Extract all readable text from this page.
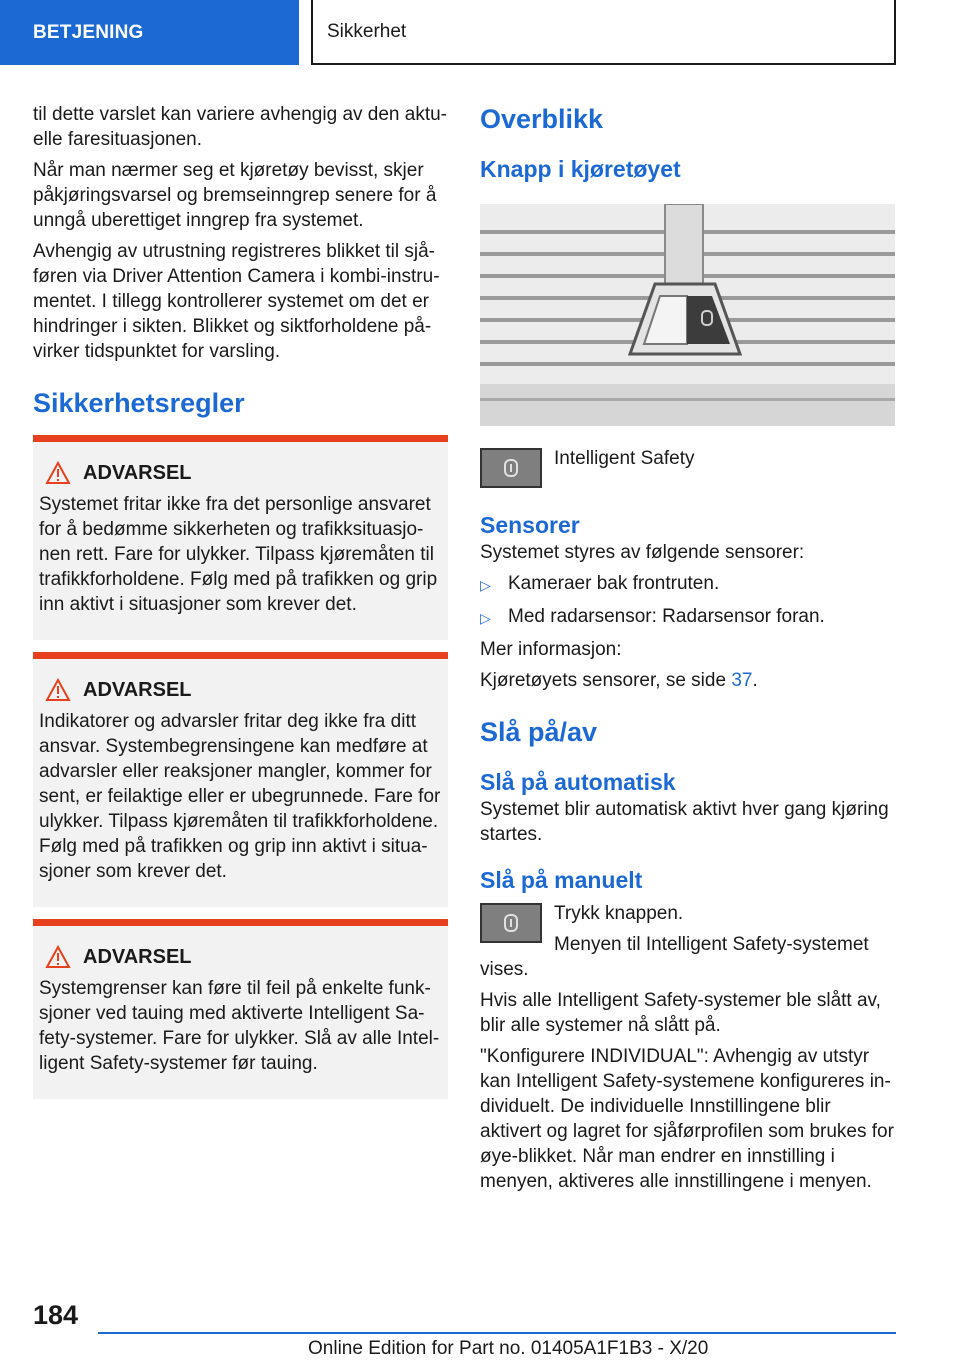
BETJENING	Sikkerhet

til dette varslet kan variere avhengig av den aktu-elle faresituasjonen.

Når man nærmer seg et kjøretøy bevisst, skjer påkjøringsvarsel og bremseinngrep senere for å unngå uberettiget inngrep fra systemet.

Avhengig av utrustning registreres blikket til sjå-føren via Driver Attention Camera i kombi-instru-mentet. I tillegg kontrollerer systemet om det er hindringer i sikten. Blikket og siktforholdene på-virker tidspunktet for varsling.

Sikkerhetsregler
ADVARSEL

Systemet fritar ikke fra det personlige ansvaret for å bedømme sikkerheten og trafikksituasjo-nen rett. Fare for ulykker. Tilpass kjøremåten til trafikkforholdene. Følg med på trafikken og grip inn aktivt i situasjoner som krever det.

ADVARSEL

Indikatorer og advarsler fritar deg ikke fra ditt ansvar. Systembegrensingene kan medføre at advarsler eller reaksjoner mangler, kommer for sent, er feilaktige eller er ubegrunnede. Fare for ulykker. Tilpass kjøremåten til trafikkforholdene. Følg med på trafikken og grip inn aktivt i situa-sjoner som krever det.

ADVARSEL

Systemgrenser kan føre til feil på enkelte funk-sjoner ved tauing med aktiverte Intelligent Sa-fety-systemer. Fare for ulykker. Slå av alle Intel-ligent Safety-systemer før tauing.

Overblikk
Knapp i kjøretøyet

Intelligent Safety

Sensorer

Systemet styres av følgende sensorer:

▷ Kameraer bak frontruten.
▷ Med radarsensor: Radarsensor foran.

Mer informasjon:

Kjøretøyets sensorer, se side 37.

Slå på/av
Slå på automatisk

Systemet blir automatisk aktivt hver gang kjøring startes.

Slå på manuelt

Trykk knappen.

Menyen til Intelligent Safety-systemet vises.

Hvis alle Intelligent Safety-systemer ble slått av, blir alle systemer nå slått på.

"Konfigurere INDIVIDUAL": Avhengig av utstyr kan Intelligent Safety-systemene konfigureres in-dividuelt. De individuelle Innstillingene blir aktivert og lagret for sjåførprofilen som brukes for øye-blikket. Når man endrer en innstilling i menyen, aktiveres alle innstillingene i menyen.

184
Online Edition for Part no. 01405A1F1B3 - X/20
